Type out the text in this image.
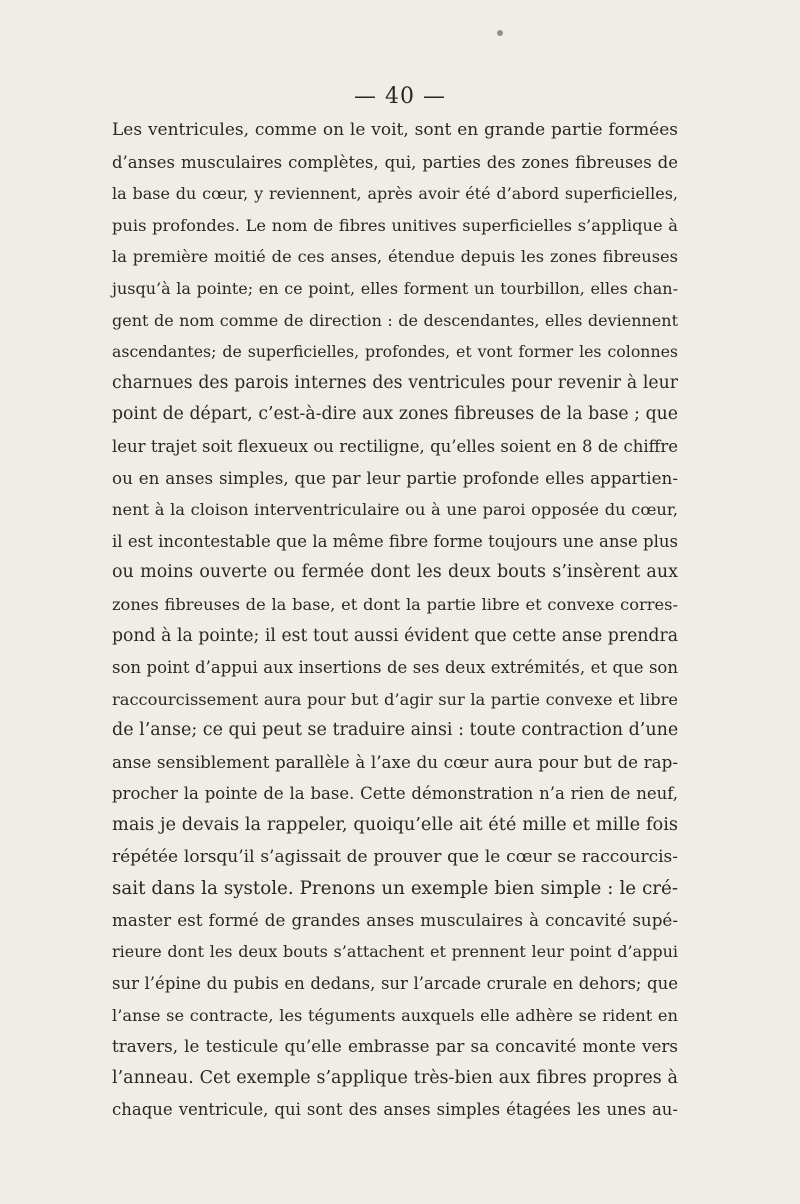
— 40 —
Les ventricules, comme on le voit, sont en grande partie formées
d’anses musculaires complètes, qui, parties des zones fibreuses de
la base du cœur, y reviennent, après avoir été d’abord superficielles,
puis profondes. Le nom de fibres unitives superficielles s’applique à
la première moitié de ces anses, étendue depuis les zones fibreuses
jusqu’à la pointe; en ce point, elles forment un tourbillon, elles chan-
gent de nom comme de direction : de descendantes, elles deviennent
ascendantes; de superficielles, profondes, et vont former les colonnes
charnues des parois internes des ventricules pour revenir à leur
point de départ, c’est-à-dire aux zones fibreuses de la base ; que
leur trajet soit flexueux ou rectiligne, qu’elles soient en 8 de chiffre
ou en anses simples, que par leur partie profonde elles appartien-
nent à la cloison interventriculaire ou à une paroi opposée du cœur,
il est incontestable que la même fibre forme toujours une anse plus
ou moins ouverte ou fermée dont les deux bouts s’insèrent aux
zones fibreuses de la base, et dont la partie libre et convexe corres-
pond à la pointe; il est tout aussi évident que cette anse prendra
son point d’appui aux insertions de ses deux extrémités, et que son
raccourcissement aura pour but d’agir sur la partie convexe et libre
de l’anse; ce qui peut se traduire ainsi : toute contraction d’une
anse sensiblement parallèle à l’axe du cœur aura pour but de rap-
procher la pointe de la base. Cette démonstration n’a rien de neuf,
mais je devais la rappeler, quoiqu’elle ait été mille et mille fois
répétée lorsqu’il s’agissait de prouver que le cœur se raccourcis-
sait dans la systole. Prenons un exemple bien simple : le cré-
master est formé de grandes anses musculaires à concavité supé-
rieure dont les deux bouts s’attachent et prennent leur point d’appui
sur l’épine du pubis en dedans, sur l’arcade crurale en dehors; que
l’anse se contracte, les téguments auxquels elle adhère se rident en
travers, le testicule qu’elle embrasse par sa concavité monte vers
l’anneau. Cet exemple s’applique très-bien aux fibres propres à
chaque ventricule, qui sont des anses simples étagées les unes au-
